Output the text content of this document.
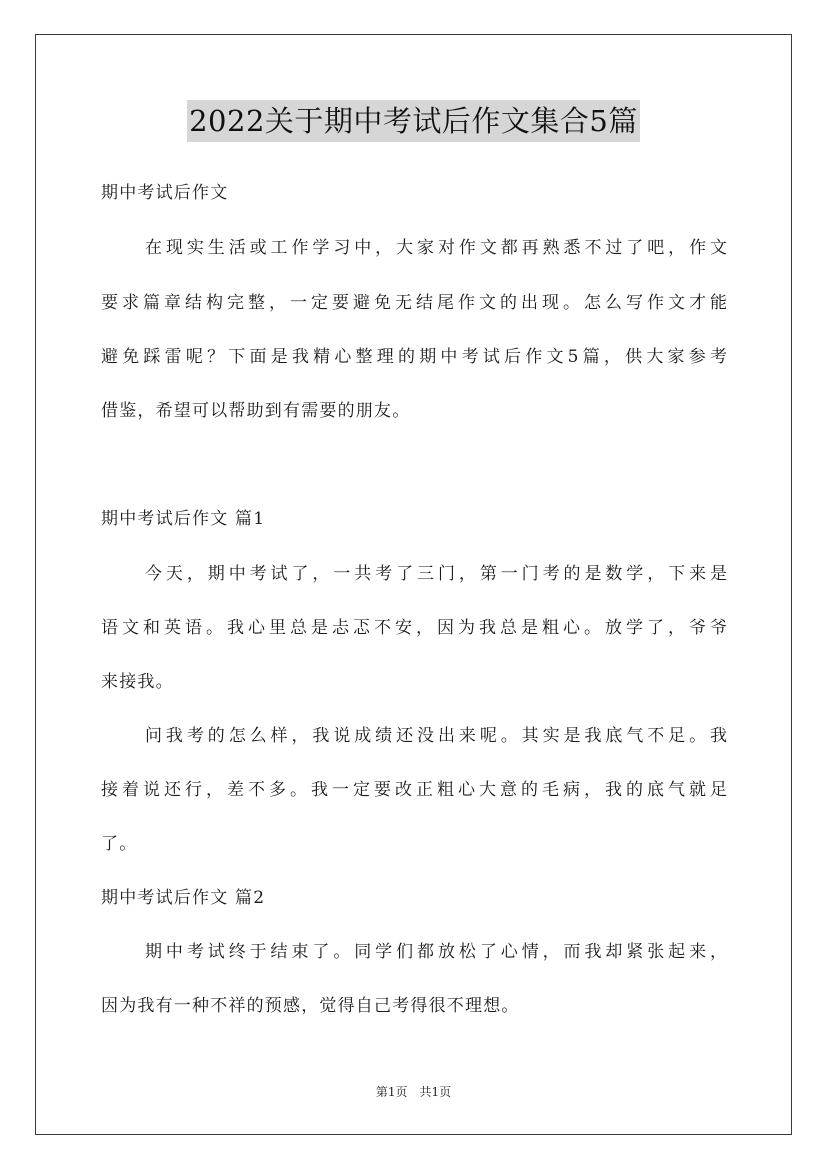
2022关于期中考试后作文集合5篇
期中考试后作文
在现实生活或工作学习中，大家对作文都再熟悉不过了吧，作文
要求篇章结构完整，一定要避免无结尾作文的出现。怎么写作文才能
避免踩雷呢？下面是我精心整理的期中考试后作文5篇，供大家参考
借鉴，希望可以帮助到有需要的朋友。
期中考试后作文 篇1
今天，期中考试了，一共考了三门，第一门考的是数学，下来是
语文和英语。我心里总是忐忑不安，因为我总是粗心。放学了，爷爷
来接我。
问我考的怎么样，我说成绩还没出来呢。其实是我底气不足。我
接着说还行，差不多。我一定要改正粗心大意的毛病，我的底气就足
了。
期中考试后作文 篇2
期中考试终于结束了。同学们都放松了心情，而我却紧张起来，
因为我有一种不祥的预感，觉得自己考得很不理想。
第1页　共1页
